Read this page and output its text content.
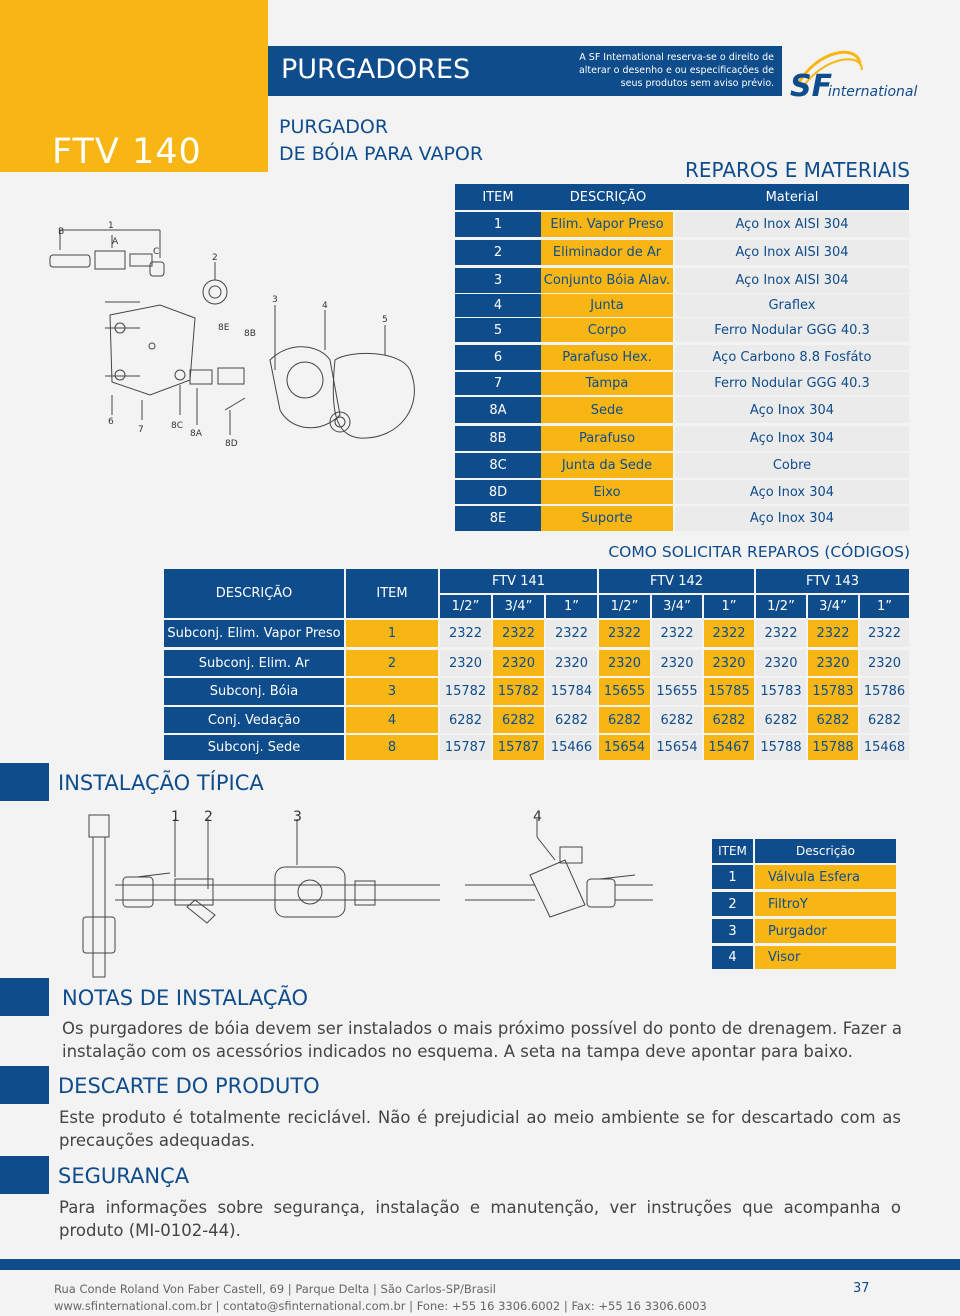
FTV 140
PURGADORES	A SF International reserva-se o direito de
alterar o desenho e ou especificações de
seus produtos sem aviso prévio. SF
international
PURGADOR
DE BÓIA PARA VAPOR
REPAROS E MATERIAIS
B
1
A
C
2
3
4
5
8E
8B
6
7	8C
8A
8D
ITEM	DESCRIÇÃO	Material
1	Elim. Vapor Preso	Aço Inox AISI 304
2	Eliminador de Ar	Aço Inox AISI 304
3	Conjunto Bóia Alav.	Aço Inox AISI 304
4	Junta	Graflex
5	Corpo	Ferro Nodular GGG 40.3
6	Parafuso Hex.	Aço Carbono 8.8 Fosfáto
7	Tampa	Ferro Nodular GGG 40.3
8A	Sede	Aço Inox 304
8B	Parafuso	Aço Inox 304
8C	Junta da Sede	Cobre
8D	Eixo	Aço Inox 304
8E	Suporte	Aço Inox 304
COMO SOLICITAR REPAROS (CÓDIGOS)
DESCRIÇÃO	ITEM
FTV 141	FTV 142	FTV 143
1/2”	3/4”	1”	1/2”	3/4”	1”	1/2”	3/4”	1”
Subconj. Elim. Vapor Preso	1	2322	2322	2322	2322	2322	2322	2322	2322	2322
Subconj. Elim. Ar	2	2320	2320	2320	2320	2320	2320	2320	2320	2320
Subconj. Bóia	3	15782 15782 15784 15655 15655 15785 15783 15783 15786
Conj. Vedação	4	6282	6282	6282	6282	6282	6282	6282	6282	6282
Subconj. Sede	8	15787 15787 15466 15654 15654 15467 15788 15788 15468
INSTALAÇÃO TÍPICA
1 2	3	4
ITEM	Descrição
1	Válvula Esfera
2	FiltroY
3	Purgador
4	Visor
NOTAS DE INSTALAÇÃO
Os purgadores de bóia devem ser instalados o mais próximo possível do ponto de drenagem. Fazer a instalação com os acessórios indicados no esquema. A seta na tampa deve apontar para baixo.
DESCARTE DO PRODUTO
Este produto é totalmente reciclável. Não é prejudicial ao meio ambiente se for descartado com as precauções adequadas.
SEGURANÇA
Para informações sobre segurança, instalação e manutenção, ver instruções que acompanha o produto (MI-0102-44).
Rua Conde Roland Von Faber Castell, 69 | Parque Delta | São Carlos-SP/Brasil
www.sfinternational.com.br | contato@sfinternational.com.br | Fone: +55 16 3306.6002 | Fax: +55 16 3306.6003
37
